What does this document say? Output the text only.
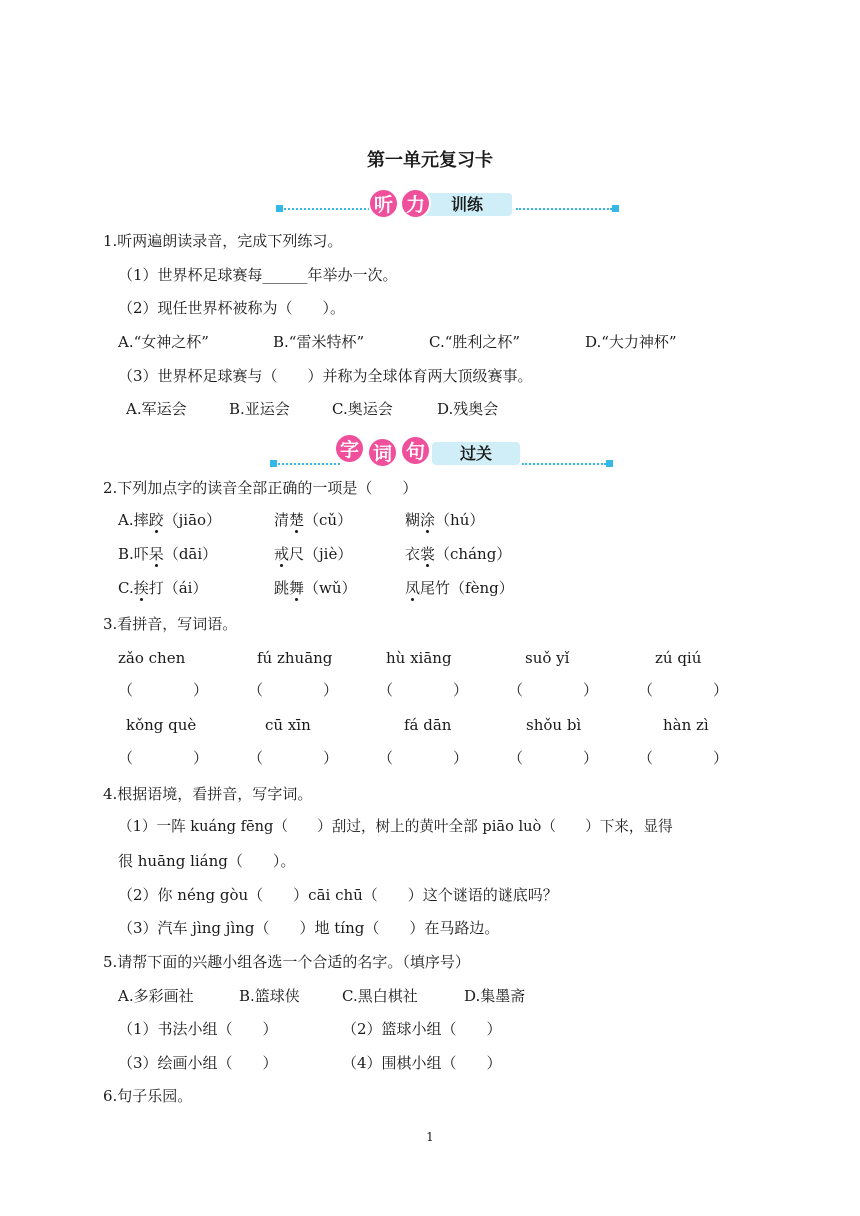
第一单元复习卡
训练
听 力
1.听两遍朗读录音，完成下列练习。
（1）世界杯足球赛每______年举办一次。
（2）现任世界杯被称为（　　）。
A.“女神之杯”	B.“雷米特杯”	C.“胜利之杯”	D.“大力神杯”
（3）世界杯足球赛与（　　）并称为全球体育两大顶级赛事。
A.军运会	B.亚运会	C.奥运会	D.残奥会
过关
字 词 句
2.下列加点字的读音全部正确的一项是（　　）
A.摔跤（jiāo）	清楚（cǔ）	糊涂（hú）
B.吓呆（dāi）	戒尺（jiè）	衣裳（cháng）
C.挨打（ái）	跳舞（wǔ）	凤尾竹（fèng）
3.看拼音，写词语。
zǎo chen	fú zhuāng	hù xiāng	suǒ yǐ	zú qiú
（　　　　）	（　　　　）	（　　　　）	（　　　　）	（　　　　）
kǒng què	cū xīn	fá dān	shǒu bì	hàn zì
（　　　　）	（　　　　）	（　　　　）	（　　　　）	（　　　　）
4.根据语境，看拼音，写字词。
（1）一阵 kuáng fēng（　　）刮过，树上的黄叶全部 piāo luò（　　）下来，显得
很 huāng liáng（　　）。
（2）你 néng gòu（　　）cāi chū（　　）这个谜语的谜底吗？
（3）汽车 jìng jìng（　　）地 tíng（　　）在马路边。
5.请帮下面的兴趣小组各选一个合适的名字。（填序号）
A.多彩画社	B.篮球侠	C.黑白棋社	D.集墨斋
（1）书法小组（　　）	（2）篮球小组（　　）
（3）绘画小组（　　）	（4）围棋小组（　　）
6.句子乐园。
1
